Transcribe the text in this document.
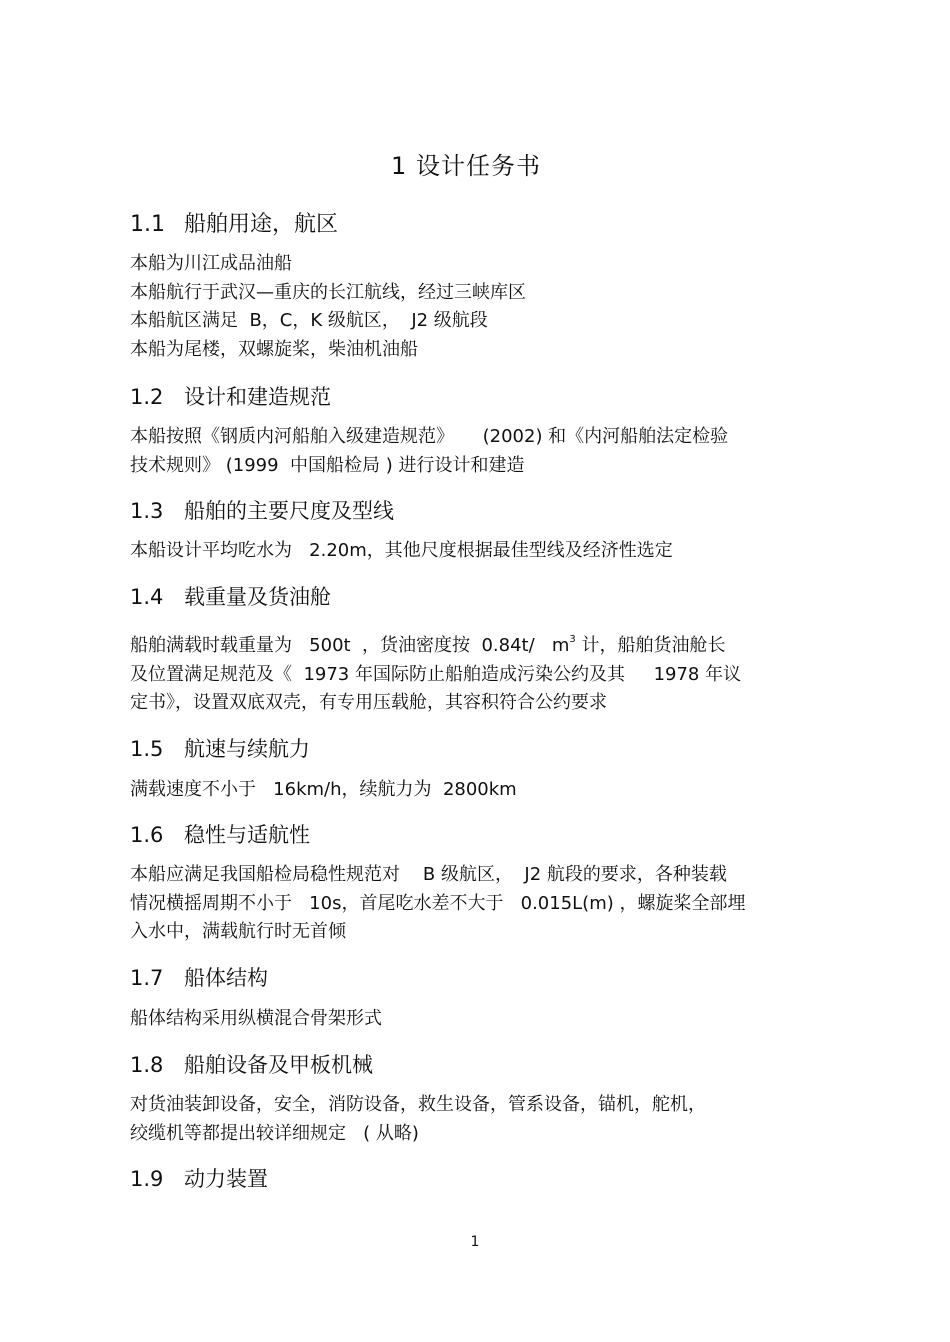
1 设计任务书
1.1 船舶用途，航区
本船为川江成品油船
本船航行于武汉—重庆的长江航线，经过三峡库区
本船航区满足  B，C，K 级航区，  J2 级航段
本船为尾楼，双螺旋桨，柴油机油船
1.2 设计和建造规范
本船按照《钢质内河船舶入级建造规范》     (2002) 和《内河船舶法定检验
技术规则》 (1999  中国船检局 ) 进行设计和建造
1.3 船舶的主要尺度及型线
本船设计平均吃水为   2.20m，其他尺度根据最佳型线及经济性选定
1.4 载重量及货油舱
船舶满载时载重量为   500t  ，货油密度按  0.84t/   $m^3$ 计，船舶货油舱长
及位置满足规范及《  1973 年国际防止船舶造成污染公约及其     1978 年议
定书》，设置双底双壳，有专用压载舱，其容积符合公约要求
1.5 航速与续航力
满载速度不小于   16km/h，续航力为  2800km
1.6 稳性与适航性
本船应满足我国船检局稳性规范对    B 级航区，  J2 航段的要求，各种装载
情况横摇周期不小于   10s，首尾吃水差不大于   0.015L(m) ，螺旋桨全部埋
入水中，满载航行时无首倾
1.7 船体结构
船体结构采用纵横混合骨架形式
1.8 船舶设备及甲板机械
对货油装卸设备，安全，消防设备，救生设备，管系设备，锚机，舵机，
绞缆机等都提出较详细规定   ( 从略)
1.9 动力装置
1
